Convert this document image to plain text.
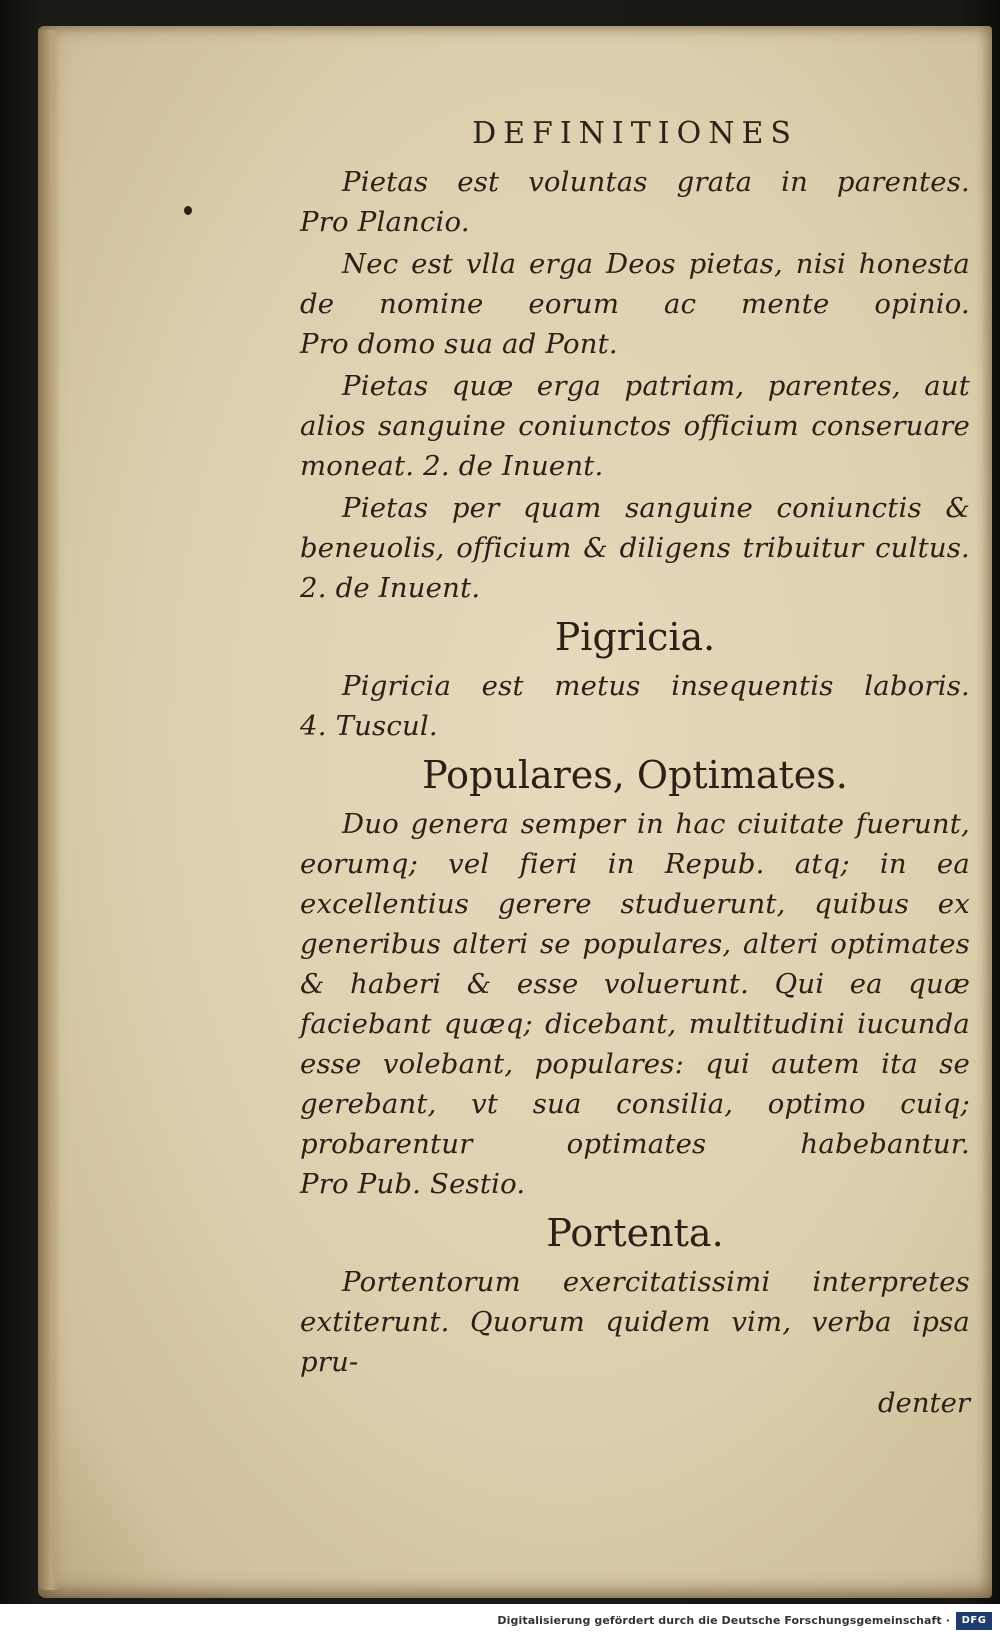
DEFINITIONES

Pietas est voluntas grata in parentes. Pro Plancio.

Nec est vlla erga Deos pietas, nisi honesta de nomine eorum ac mente opinio. Pro domo sua ad Pont.

Pietas quæ erga patriam, parentes, aut alios sanguine coniunctos officium conseruare moneat. 2. de Inuent.

Pietas per quam sanguine coniunctis & beneuolis, officium & diligens tribuitur cultus. 2. de Inuent.

Pigricia.

Pigricia est metus insequentis laboris. 4. Tuscul.

Populares, Optimates.

Duo genera semper in hac ciuitate fuerunt, eorumq; vel fieri in Repub. atq; in ea excellentius gerere studuerunt, quibus ex generibus alteri se populares, alteri optimates & haberi & esse voluerunt. Qui ea quæ faciebant quæq; dicebant, multitudini iucunda esse volebant, populares: qui autem ita se gerebant, vt sua consilia, optimo cuiq; probarentur optimates habebantur. Pro Pub. Sestio.

Portenta.

Portentorum exercitatissimi interpretes extiterunt. Quorum quidem vim, verba ipsa pru-

denter
Digitalisierung gefördert durch die Deutsche Forschungsgemeinschaft ·	DFG
